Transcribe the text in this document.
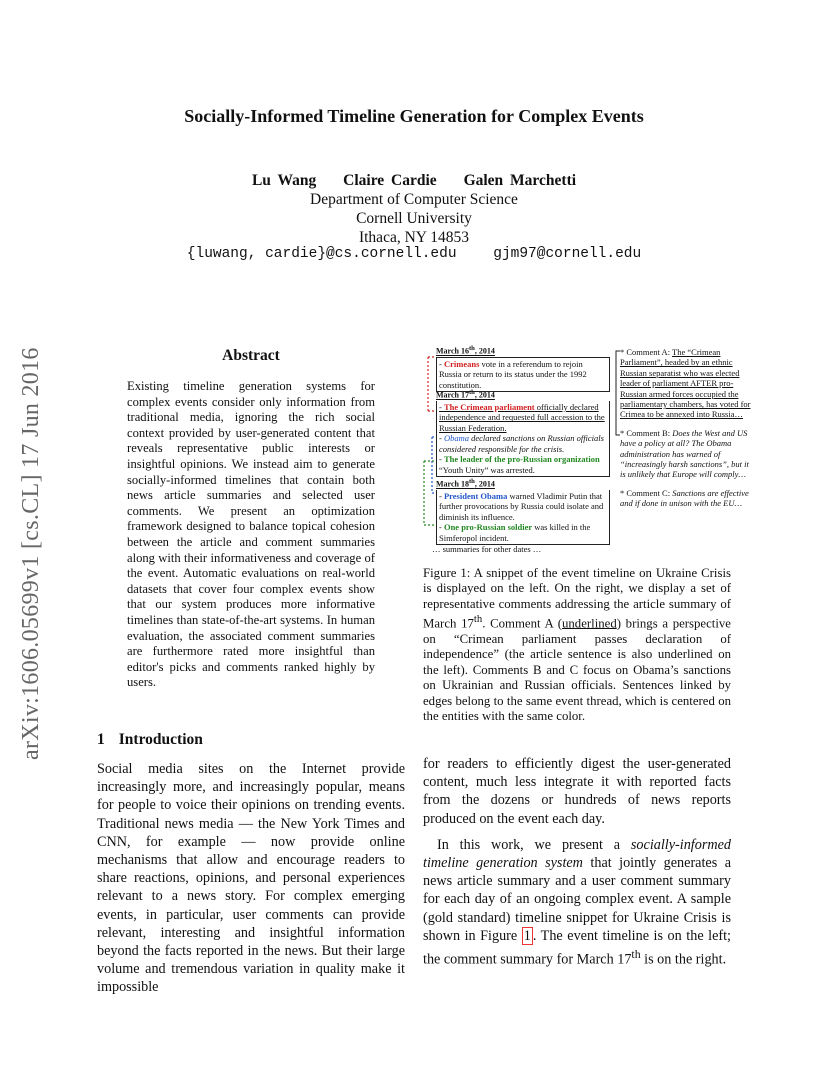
Socially-Informed Timeline Generation for Complex Events
Lu Wang Claire Cardie Galen Marchetti
Department of Computer Science
Cornell University
Ithaca, NY 14853
{luwang, cardie}@cs.cornell.edu	gjm97@cornell.edu
arXiv:1606.05699v1 [cs.CL] 17 Jun 2016	Abstract
Existing timeline generation systems for complex events consider only information from traditional media, ignoring the rich social context provided by user-generated content that reveals representative public interests or insightful opinions. We instead aim to generate socially-informed timelines that contain both news article summaries and selected user comments. We present an optimization framework designed to balance topical cohesion between the article and comment summaries along with their informativeness and coverage of the event. Automatic evaluations on real-world datasets that cover four complex events show that our system produces more informative timelines than state-of-the-art systems. In human evaluation, the associated comment summaries are furthermore rated more insightful than editor's picks and comments ranked highly by users.
March 16th, 2014
- Crimeans vote in a referendum to rejoin Russia or return to its status under the 1992 constitution.
March 17th, 2014
- The Crimean parliament officially declared independence and requested full accession to the Russian Federation.
- Obama declared sanctions on Russian officials considered responsible for the crisis.
- The leader of the pro-Russian organization “Youth Unity” was arrested.
March 18th, 2014
- President Obama warned Vladimir Putin that further provocations by Russia could isolate and diminish its influence.
- One pro-Russian soldier was killed in the Simferopol incident.
… summaries for other dates …
* Comment A: The “Crimean Parliament”, headed by an ethnic Russian separatist who was elected leader of parliament AFTER pro-Russian armed forces occupied the parliamentary chambers, has voted for Crimea to be annexed into Russia…
* Comment B: Does the West and US have a policy at all? The Obama administration has warned of “increasingly harsh sanctions”, but it is unlikely that Europe will comply…
* Comment C: Sanctions are effective and if done in unison with the EU…
Figure 1: A snippet of the event timeline on Ukraine Crisis is displayed on the left. On the right, we display a set of representative comments addressing the article summary of March 17th. Comment A (underlined) brings a perspective on “Crimean parliament passes declaration of independence” (the article sentence is also underlined on the left). Comments B and C focus on Obama’s sanctions on Ukrainian and Russian officials. Sentences linked by edges belong to the same event thread, which is centered on the entities with the same color.
1 Introduction
Social media sites on the Internet provide increasingly more, and increasingly popular, means for people to voice their opinions on trending events. Traditional news media — the New York Times and CNN, for example — now provide online mechanisms that allow and encourage readers to share reactions, opinions, and personal experiences relevant to a news story. For complex emerging events, in particular, user comments can provide relevant, interesting and insightful information beyond the facts reported in the news. But their large volume and tremendous variation in quality make it impossible

for readers to efficiently digest the user-generated content, much less integrate it with reported facts from the dozens or hundreds of news reports produced on the event each day.

In this work, we present a socially-informed timeline generation system that jointly generates a news article summary and a user comment summary for each day of an ongoing complex event. A sample (gold standard) timeline snippet for Ukraine Crisis is shown in Figure 1 . The event timeline is on the left; the comment summary for March 17th is on the right.
